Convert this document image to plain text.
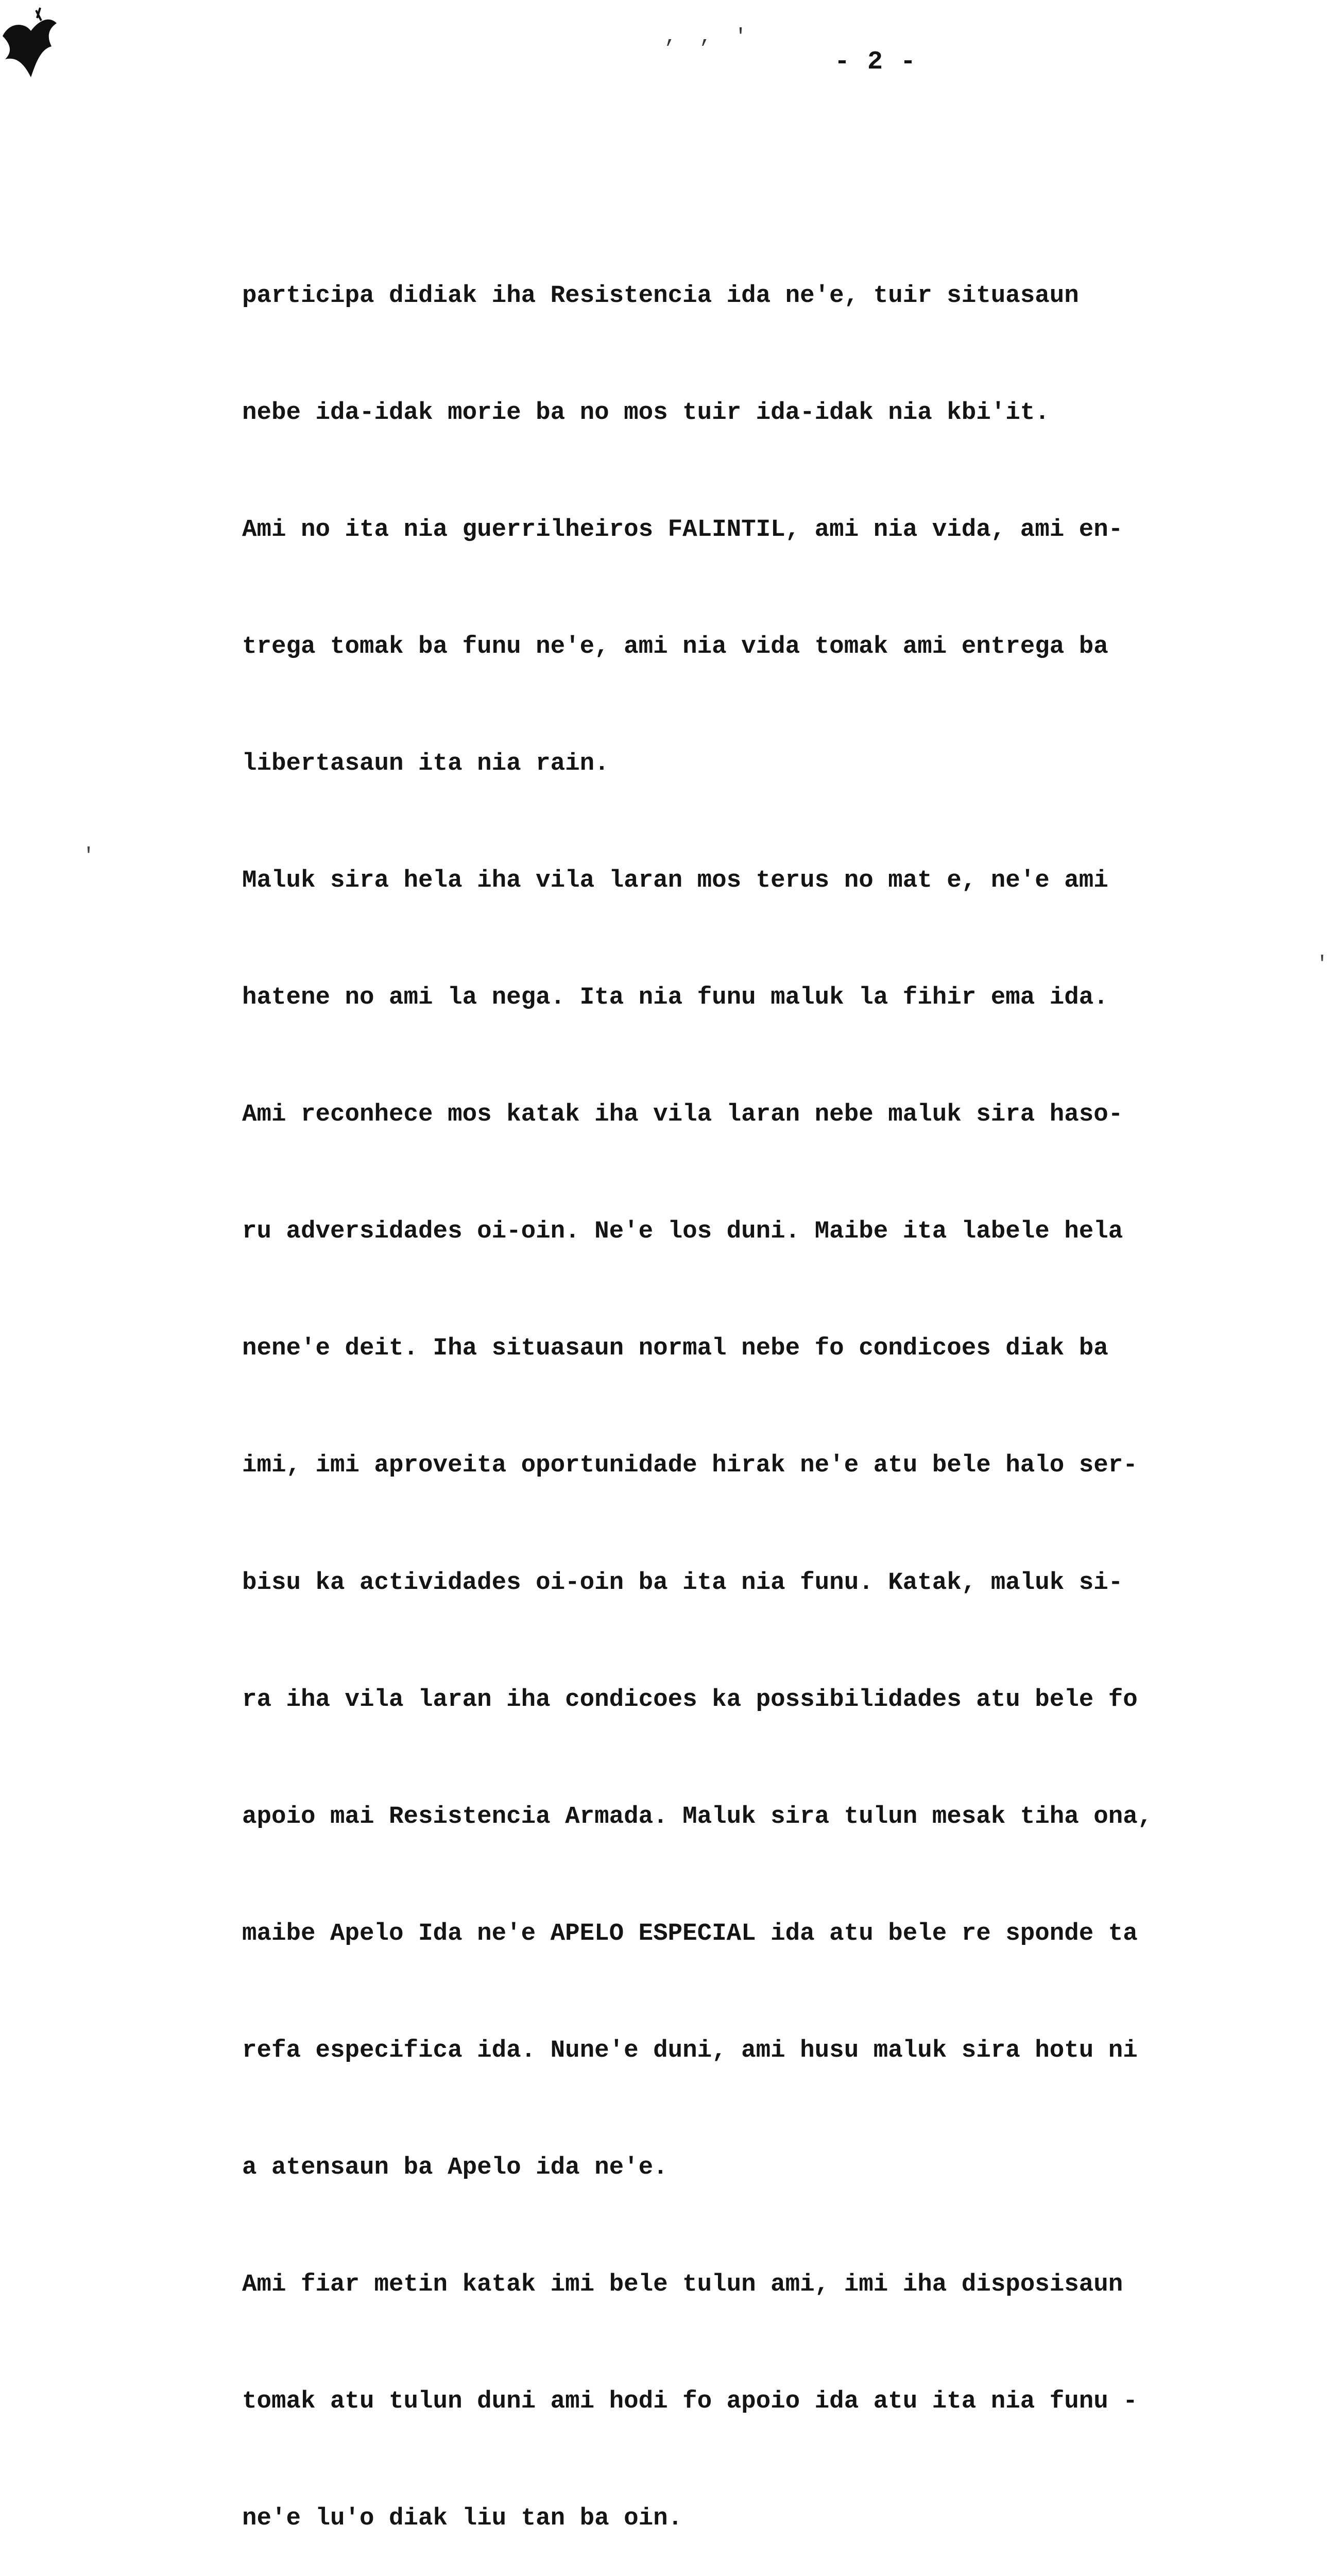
, , '
- 2 -
'
'

participa didiak iha Resistencia ida ne'e, tuir situasaun

nebe ida-idak morie ba no mos tuir ida-idak nia kbi'it.

Ami no ita nia guerrilheiros FALINTIL, ami nia vida, ami en-

trega tomak ba funu ne'e, ami nia vida tomak ami entrega ba

libertasaun ita nia rain.

Maluk sira hela iha vila laran mos terus no mat e, ne'e ami

hatene no ami la nega. Ita nia funu maluk la fihir ema ida.

Ami reconhece mos katak iha vila laran nebe maluk sira haso-

ru adversidades oi-oin. Ne'e los duni. Maibe ita labele hela

nene'e deit. Iha situasaun normal nebe fo condicoes diak ba

imi, imi aproveita oportunidade hirak ne'e atu bele halo ser-

bisu ka actividades oi-oin ba ita nia funu. Katak, maluk si-

ra iha vila laran iha condicoes ka possibilidades atu bele fo

apoio mai Resistencia Armada. Maluk sira tulun mesak tiha ona,

maibe Apelo Ida ne'e APELO ESPECIAL ida atu bele re sponde ta

refa especifica ida. Nune'e duni, ami husu maluk sira hotu ni

a atensaun ba Apelo ida ne'e.

Ami fiar metin katak imi bele tulun ami, imi iha disposisaun

tomak atu tulun duni ami hodi fo apoio ida atu ita nia funu -

ne'e lu'o diak liu tan ba oin.
